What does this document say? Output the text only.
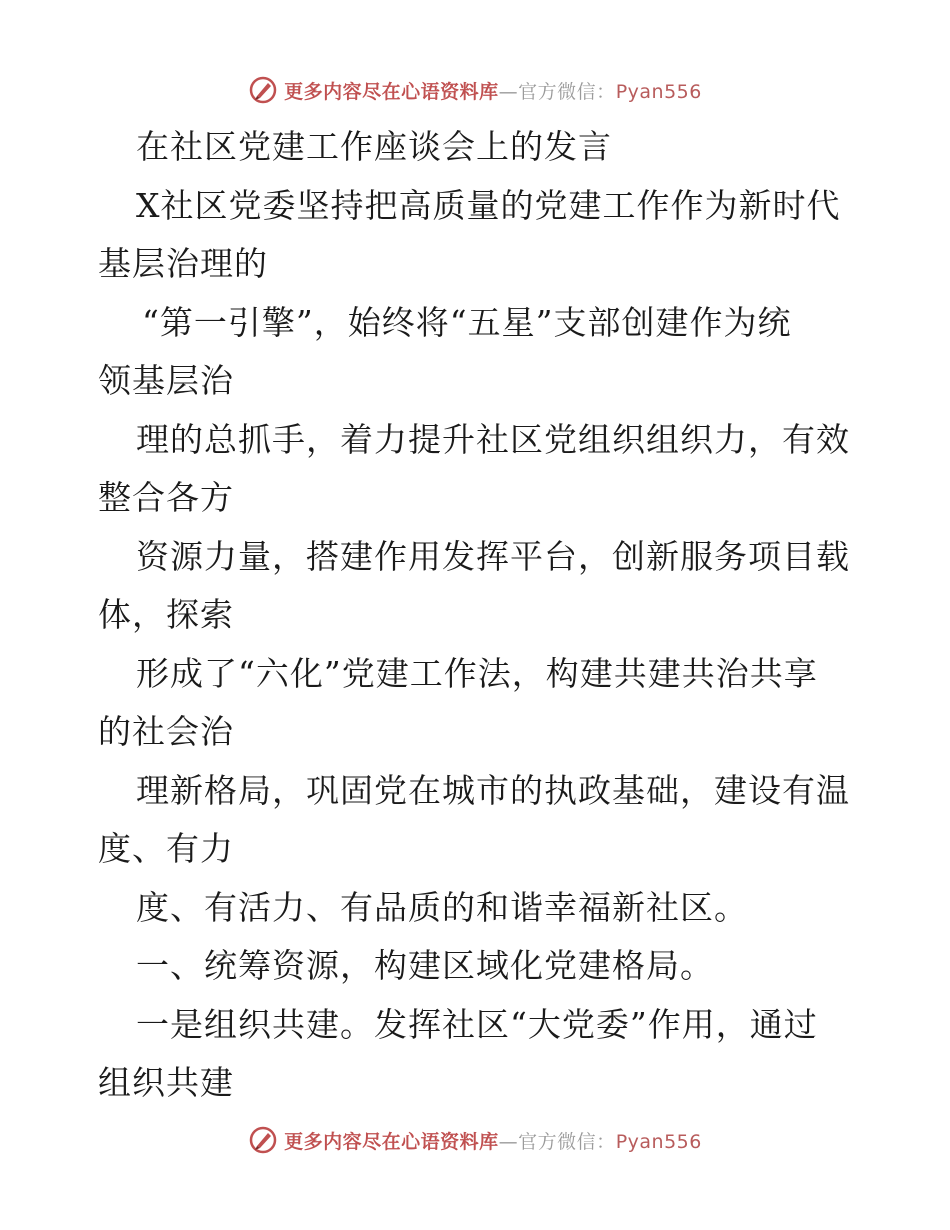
更多内容尽在心语资料库—官方微信：Pyan556
在社区党建工作座谈会上的发言
X社区党委坚持把高质量的党建工作作为新时代
基层治理的
“第一引擎”，始终将“五星”支部创建作为统
领基层治
理的总抓手，着力提升社区党组织组织力，有效
整合各方
资源力量，搭建作用发挥平台，创新服务项目载
体，探索
形成了“六化”党建工作法，构建共建共治共享
的社会治
理新格局，巩固党在城市的执政基础，建设有温
度、有力
度、有活力、有品质的和谐幸福新社区。
一、统筹资源，构建区域化党建格局。
一是组织共建。发挥社区“大党委”作用，通过
组织共建
更多内容尽在心语资料库—官方微信：Pyan556
